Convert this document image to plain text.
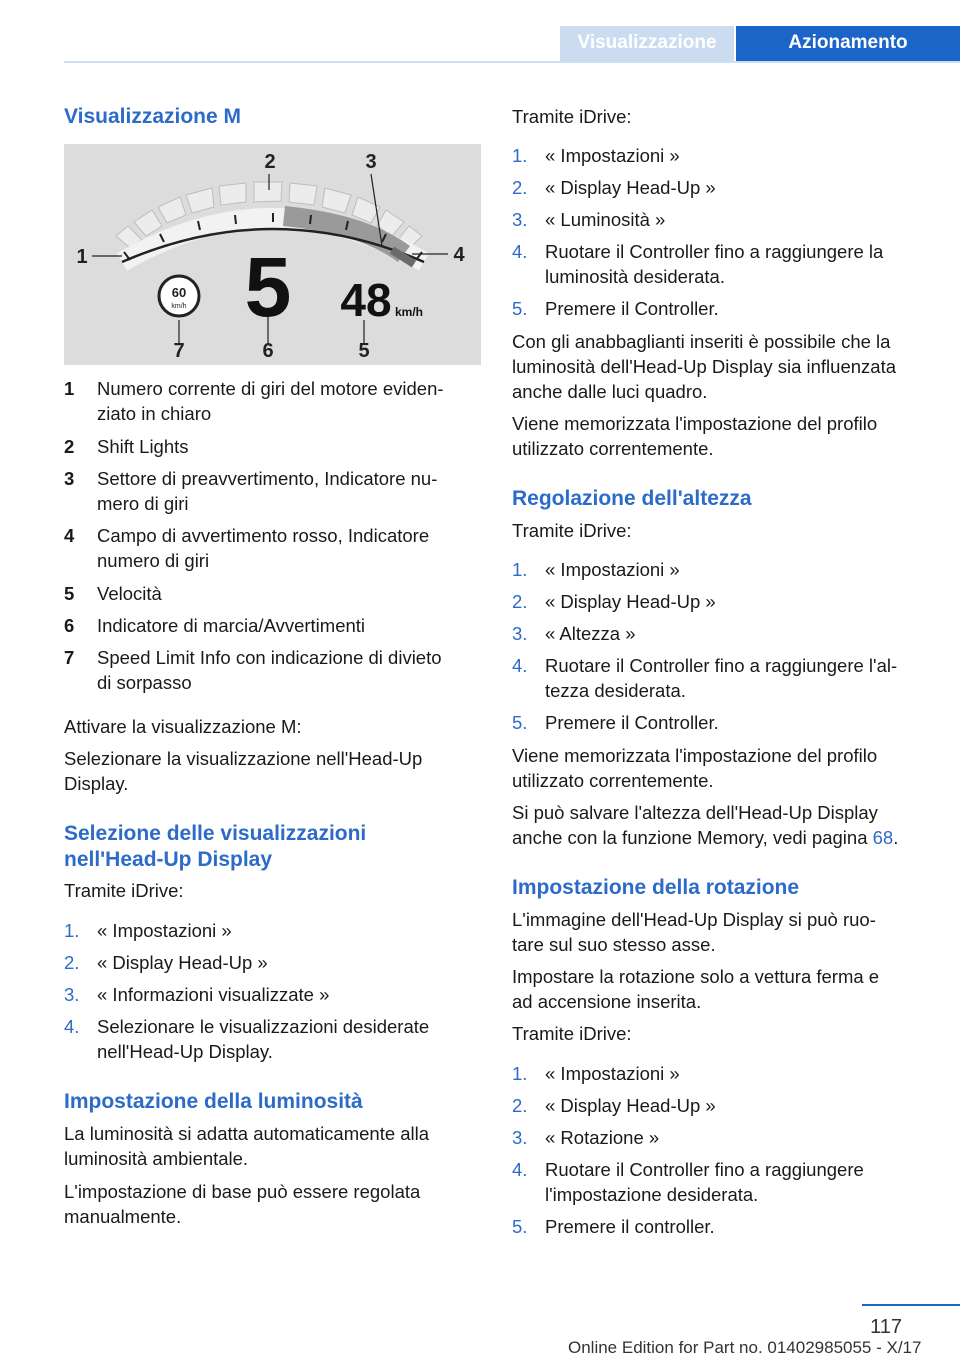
Visualizzazione	Azionamento
Visualizzazione M
60
km/h 5 48 km/h
1
2	3
4
5
6
7
1 Numero corrente di giri del motore eviden-
ziato in chiaro
2 Shift Lights
3 Settore di preavvertimento, Indicatore nu-
mero di giri
4 Campo di avvertimento rosso, Indicatore
numero di giri
5 Velocità
6 Indicatore di marcia/Avvertimenti
7 Speed Limit Info con indicazione di divieto
di sorpasso

Attivare la visualizzazione M:

Selezionare la visualizzazione nell'Head-Up
Display.

Selezione delle visualizzazioni
nell'Head-Up Display

Tramite iDrive:

1. « Impostazioni »
2. « Display Head-Up »
3. « Informazioni visualizzate »
4. Selezionare le visualizzazioni desiderate
nell'Head-Up Display.
Impostazione della luminosità

La luminosità si adatta automaticamente alla
luminosità ambientale.

L'impostazione di base può essere regolata
manualmente.

Tramite iDrive:

1. « Impostazioni »
2. « Display Head-Up »
3. « Luminosità »
4. Ruotare il Controller fino a raggiungere la
luminosità desiderata.
5. Premere il Controller.

Con gli anabbaglianti inseriti è possibile che la
luminosità dell'Head-Up Display sia influenzata
anche dalle luci quadro.

Viene memorizzata l'impostazione del profilo
utilizzato correntemente.

Regolazione dell'altezza

Tramite iDrive:

1. « Impostazioni »
2. « Display Head-Up »
3. « Altezza »
4. Ruotare il Controller fino a raggiungere l'al-
tezza desiderata.
5. Premere il Controller.

Viene memorizzata l'impostazione del profilo
utilizzato correntemente.

Si può salvare l'altezza dell'Head-Up Display
anche con la funzione Memory, vedi pagina 68.

Impostazione della rotazione

L'immagine dell'Head-Up Display si può ruo-
tare sul suo stesso asse.

Impostare la rotazione solo a vettura ferma e
ad accensione inserita.

Tramite iDrive:

1. « Impostazioni »
2. « Display Head-Up »
3. « Rotazione »
4. Ruotare il Controller fino a raggiungere
l'impostazione desiderata.
5. Premere il controller.
117
Online Edition for Part no. 01402985055 - X/17
